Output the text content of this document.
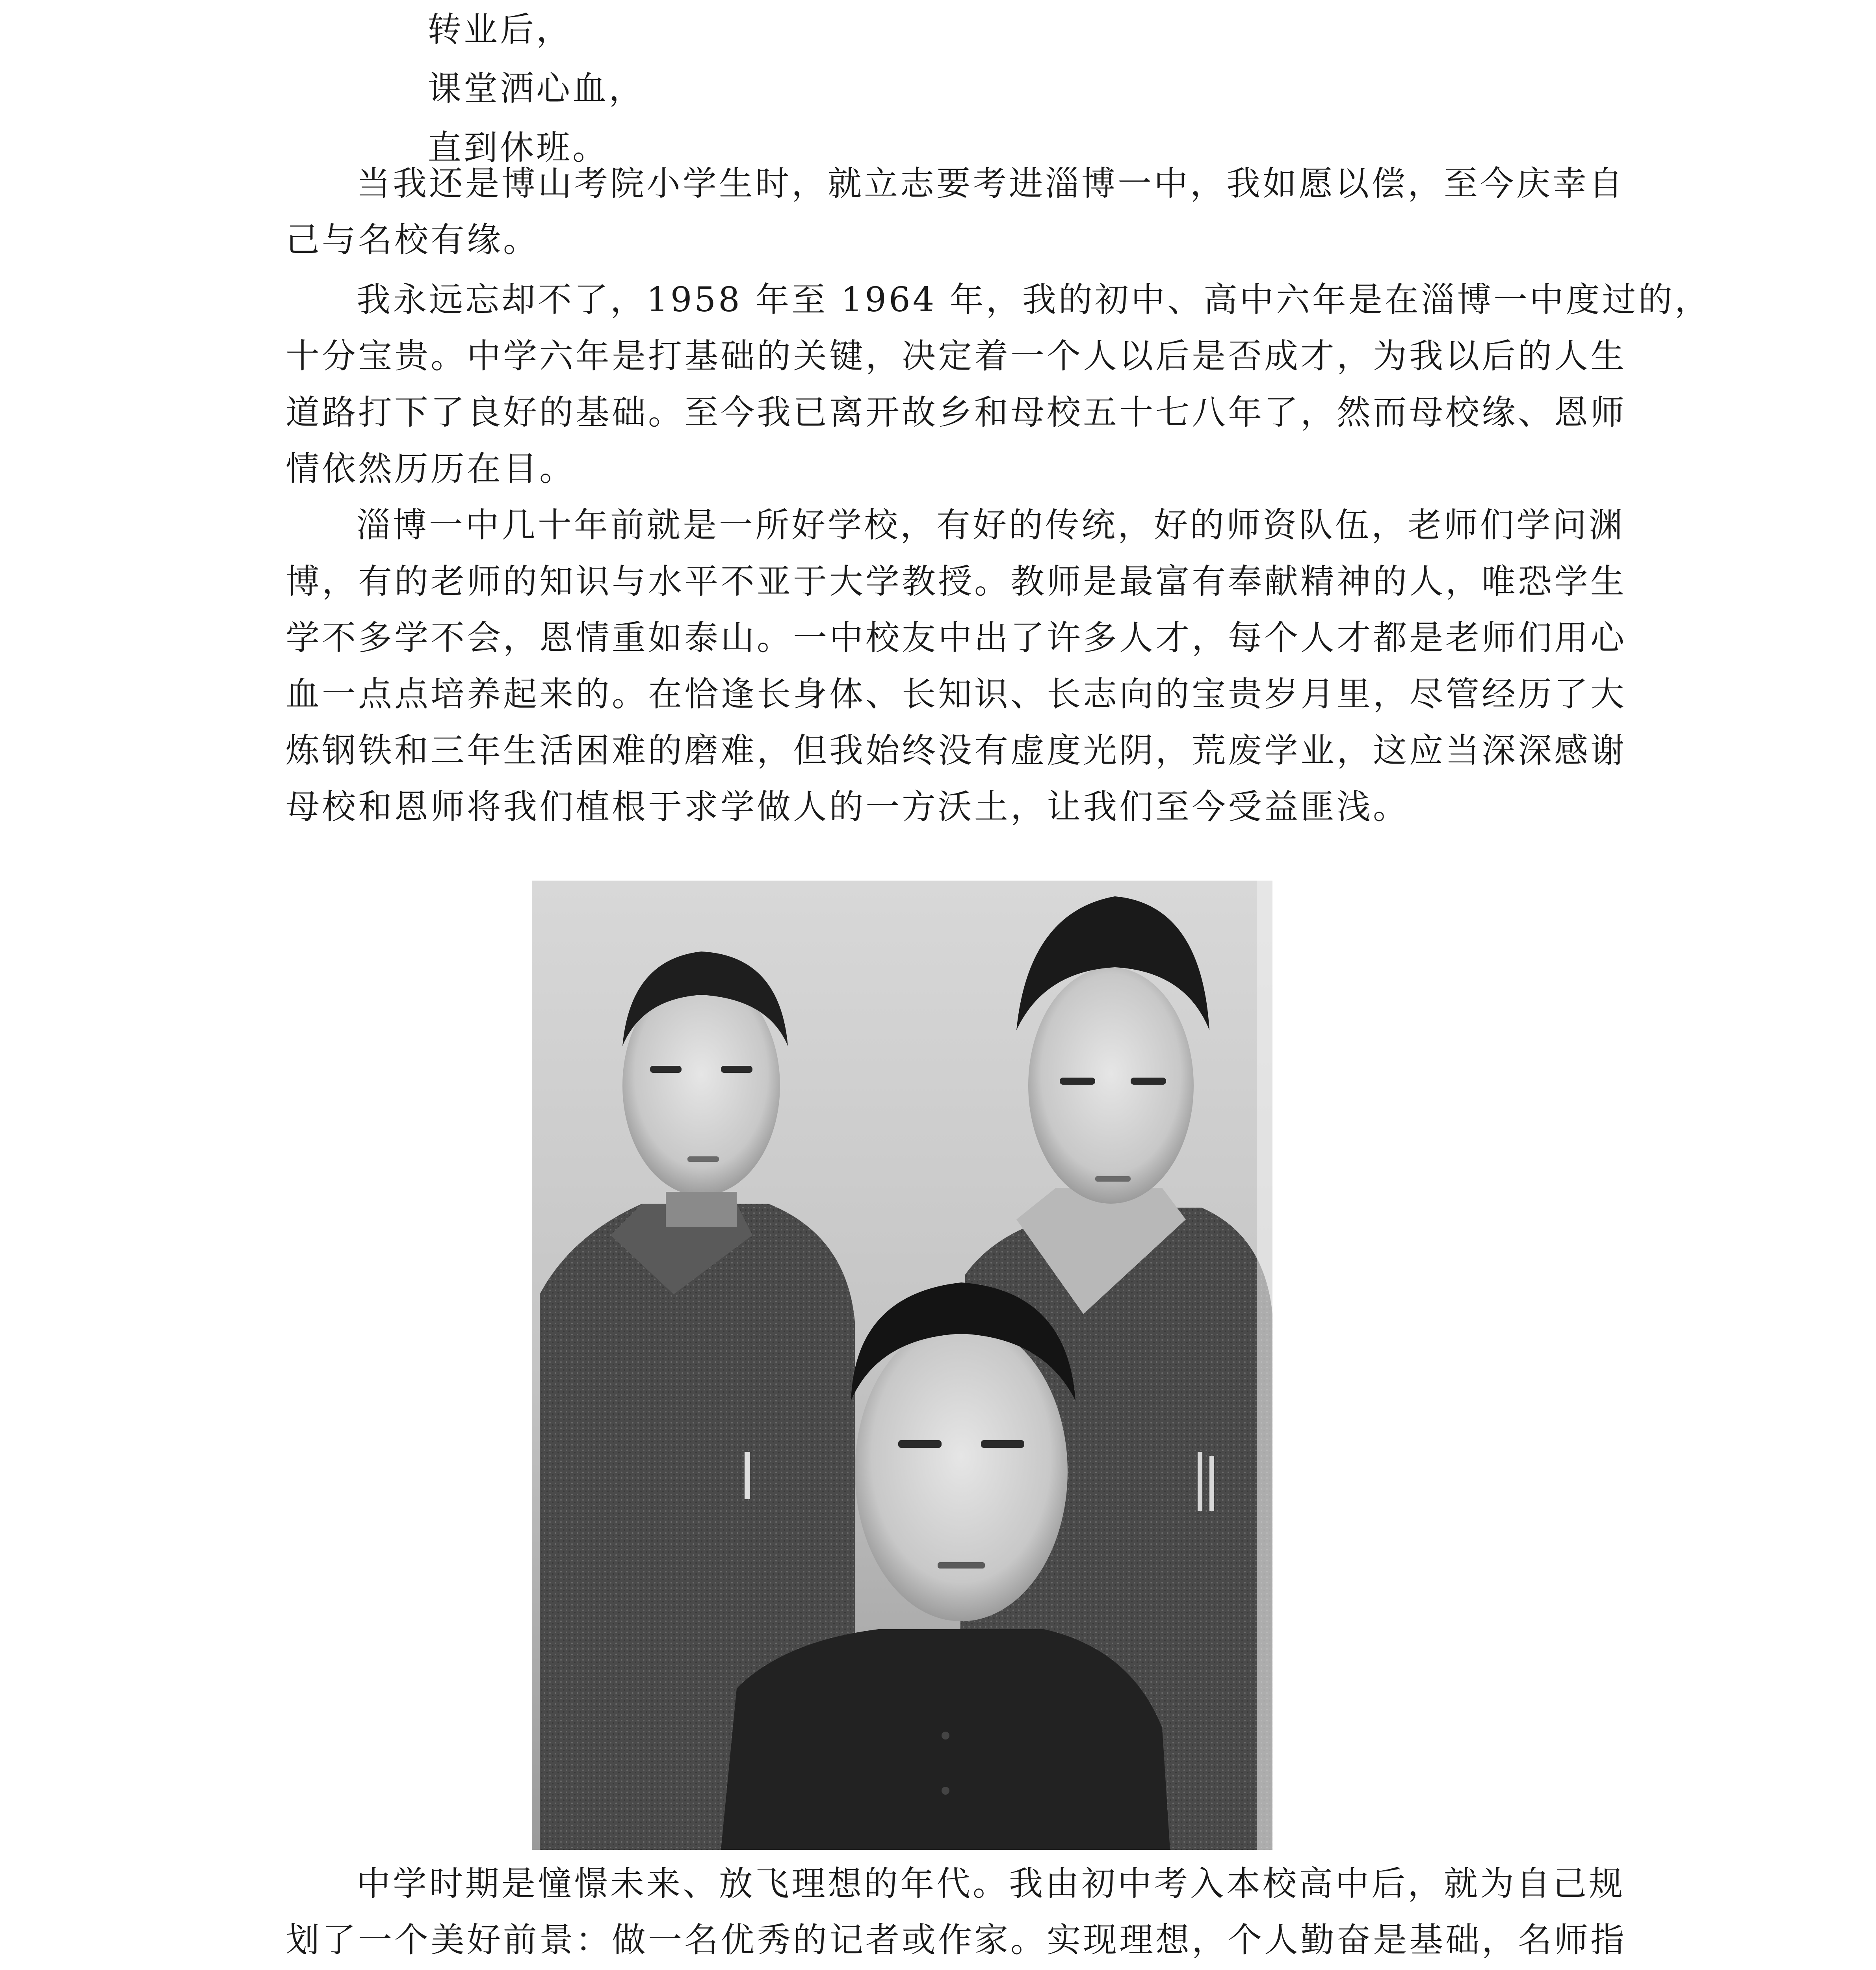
转业后，
课堂洒心血，
直到休班。
当我还是博山考院小学生时，就立志要考进淄博一中，我如愿以偿，至今庆幸自
己与名校有缘。
我永远忘却不了，1958 年至 1964 年，我的初中、高中六年是在淄博一中度过的，
十分宝贵。中学六年是打基础的关键，决定着一个人以后是否成才，为我以后的人生
道路打下了良好的基础。至今我已离开故乡和母校五十七八年了，然而母校缘、恩师
情依然历历在目。
淄博一中几十年前就是一所好学校，有好的传统，好的师资队伍，老师们学问渊
博，有的老师的知识与水平不亚于大学教授。教师是最富有奉献精神的人，唯恐学生
学不多学不会，恩情重如泰山。一中校友中出了许多人才，每个人才都是老师们用心
血一点点培养起来的。在恰逢长身体、长知识、长志向的宝贵岁月里，尽管经历了大
炼钢铁和三年生活困难的磨难，但我始终没有虚度光阴，荒废学业，这应当深深感谢
母校和恩师将我们植根于求学做人的一方沃土，让我们至今受益匪浅。
中学时期是憧憬未来、放飞理想的年代。我由初中考入本校高中后，就为自己规
划了一个美好前景：做一名优秀的记者或作家。实现理想，个人勤奋是基础，名师指
